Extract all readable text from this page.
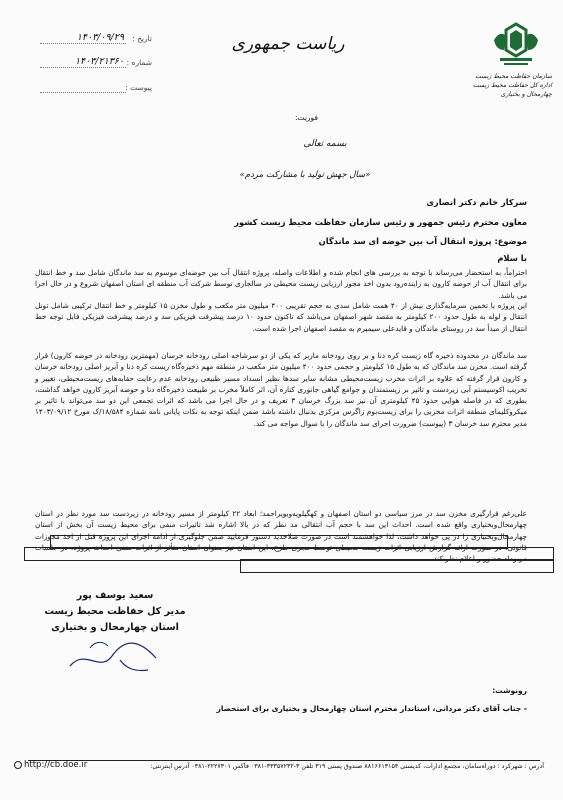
سازمان حفاظت محیط زیست
اداره کل حفاظت محیط زیست
چهارمحال و بختیاری
ریاست جمهوری
تاریخ :
۱۴۰۳/۰۹/۲۹
شماره :
۱۴۰۳/۲۱۳۶۰
پیوست :
فوریت:
بسمه تعالی
«سال جهش تولید با مشارکت مردم»
سرکار خانم دکتر انصاری
معاون محترم رئیس جمهور و رئیس سازمان حفاظت محیط زیست کشور
موضوع: پروژه انتقال آب بین حوضه ای سد ماندگان
با سلام
احتراماً، به استحضار می‌رساند با توجه به بررسی های انجام شده و اطلاعات واصله، پروژه انتقال آب بین حوضه‌ای موسوم به سد ماندگان شامل سد و خط انتقال برای انتقال آب از حوضه کارون به زاینده‌رود بدون اخذ مجوز ارزیابی زیست محیطی در سالجاری توسط شرکت آب منطقه ای استان اصفهان شروع و در حال اجرا می باشد.
این پروژه با تخمین سرمایه‌گذاری بیش از ۴۰ همت شامل سدی به حجم تقریبی ۴۰۰ میلیون متر مکعب و طول مخزن ۱۵ کیلومتر و خط انتقال ترکیبی شامل تونل انتقال و لوله به طول حدود ۲۰۰ کیلومتر به مقصد شهر اصفهان می‌باشد که تاکنون حدود ۱۰ درصد پیشرفت فیزیکی سد و درصد پیشرفت فیزیکی قابل توجه خط انتقال از مبدأ سد در روستای ماندگان و قایدعلی سیمیرم به مقصد اصفهان اجرا شده است.
سد ماندگان در محدوده ذخیره گاه زیست کره دنا و بر روی رودخانه ماربر که یکی از دو سرشاخه اصلی رودخانه خرسان (مهمترین رودخانه در حوضه کارون) قرار گرفته است. مخزن سد ماندگان که به طول ۱۵ کیلومتر و حجمی حدود ۴۰۰ میلیون متر مکعب در منطقه مهم ذخیره‌گاه زیست کره دنا و آبریز اصلی رودخانه خرسان و کارون قرار گرفته که علاوه بر اثرات مخرب زیست‌محیطی مشابه سایر سدها نظیر انسداد مسیر طبیعی رودخانه عدم رعایت حقابه‌های زیست‌محیطی، تغییر و تخریب اکوسیستم آبی زیردست و تاثیر بر زیستمندان و جوامع گیاهی جانوری کناره آن، اثر کاملاً مخرب بر طبیعت ذخیره‌گاه دنا و حوضه آبریز کارون خواهد گذاشت، بطوری که در فاصله هوایی حدود ۴۵ کیلومتری آن نیز سد بزرگ خرسان ۳ تعریف و در حال اجرا می باشد که اثرات تجمعی این دو سد می‌تواند با تاثیر بر میکروکلیمای منطقه اثرات مخربی را برای زیست‌بوم زاگرس مرکزی بدنبال داشته باشد ضمن اینکه توجه به نکات پایانی نامه شماره ۱۸/۵۸۴/ک مورخ ۱۴۰۳/۰۹/۱۲ مدیر محترم سد خرسان ۳ (پیوست) ضرورت اجرای سد ماندگان را با سوال مواجه می کند.
علی‌رغم قرارگیری مخزن سد در مرز سیاسی دو استان اصفهان و کهگیلویه‌وبویراحمد؛ ابعاد ۲۲ کیلومتر از مسیر رودخانه در زیردست سد مورد نظر در استان چهارمحال‌وبختیاری واقع شده است. احداث این سد با حجم آب انتقالی مد نظر که در بالا اشاره شد تاثیرات منفی برای محیط زیست آن بخش از استان چهارمحال‌وبختیاری را در پی خواهد داشت، لذا خواهشمند است در صورت صلاحدید دستور فرمایید ضمن جلوگیری از ادامه اجرای این پروژه قبل از اخذ مجوزات قانونی، در صورت ارائه گزارش ارزیابی اثرات زیست محیطی توسط مجری طرح، این استان نیز بعنوان استان متأثر از اثرات منفی احداث پروژه، در جلسات مربوطه حضور و اعلام نظر کند.
سعید یوسف پور
مدیر کل حفاظت محیط زیست
استان چهارمحال و بختیاری
رونوشت:
- جناب آقای دکتر مردانی، استاندار محترم استان چهارمحال و بختیاری برای استحضار
آدرس : شهرکرد : دوراه‌سامان، مجتمع ادارات، کدپستی ۸۸۱۶۶۱۳۱۵۴ صندوق پستی ۳۱۹ تلفن ۳-۳۳۳۵۷۲۳۲-۰۳۸۱ فاکس ۲۲۲۷۳۰۱-۰۳۸۱ آدرس اینترنتی:
http://cb.doe.ir
